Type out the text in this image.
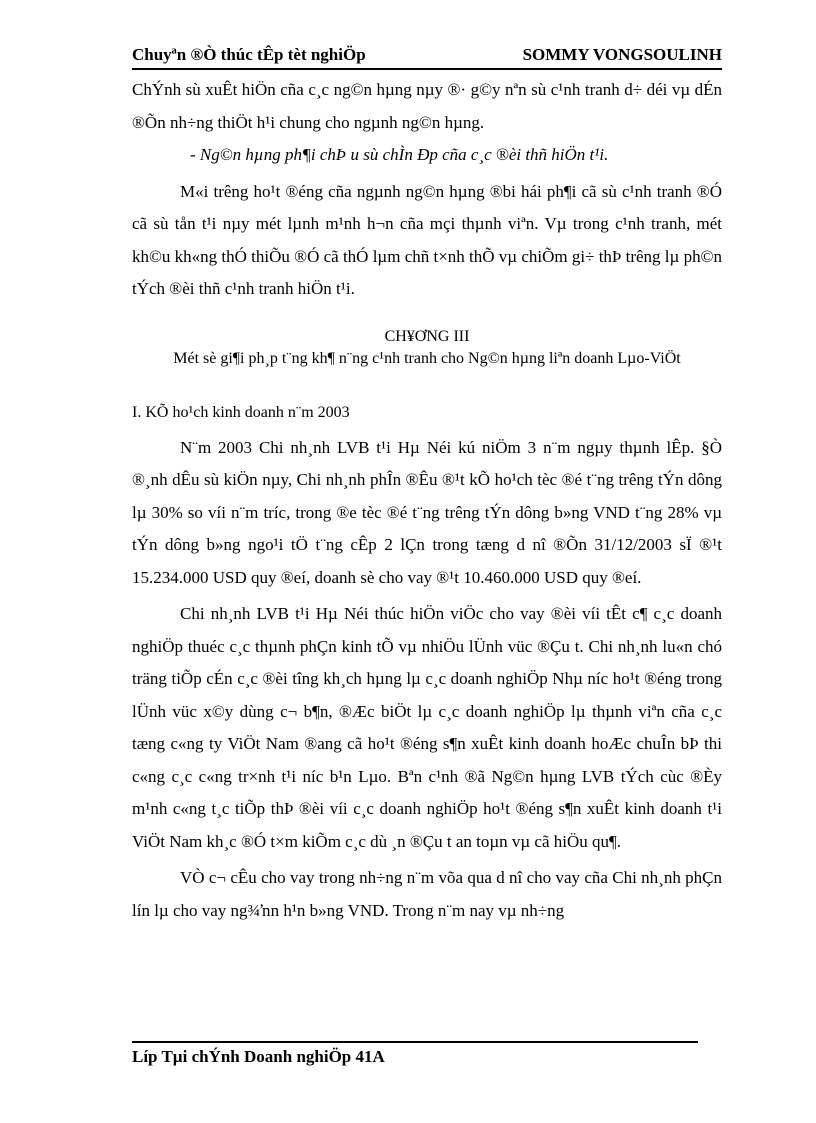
Chuyªn ®Ò thúc tÊp tèt nghiÖp	SOMMY VONGSOULINH

ChÝnh sù xuÊt hiÖn cña c¸c ng©n hµng nµy ®· g©y nªn sù c¹nh tranh d÷ déi vµ dÉn ®Õn nh÷ng thiÖt h¹i chung cho ngµnh ng©n hµng.

- Ng©n hµng ph¶i chÞ u sù chÌn Ðp cña c¸c ®èi thñ hiÖn t¹i.

M«i trêng ho¹t ®éng cña ngµnh ng©n hµng ®bi hái ph¶i cã sù c¹nh tranh ®Ó cã sù tån t¹i nµy mét lµnh m¹nh h¬n cña mçi thµnh viªn. Vµ trong c¹nh tranh, mét kh©u kh«ng thÓ thiÕu ®Ó cã thÓ lµm chñ t×nh thÕ vµ chiÕm gi÷ thÞ trêng lµ ph©n tÝch ®èi thñ c¹nh tranh hiÖn t¹i.

CH¥ƠNG III

Mét sè gi¶i ph¸p t¨ng kh¶ n¨ng c¹nh tranh cho Ng©n hµng liªn doanh Lµo-ViÖt

I. KÕ ho¹ch kinh doanh n¨m 2003

N¨m 2003 Chi nh¸nh LVB t¹i Hµ Néi kú niÖm 3 n¨m ngµy thµnh lÊp. §Ò ®¸nh dÊu sù kiÖn nµy, Chi nh¸nh phÎn ®Êu ®¹t kÕ ho¹ch tèc ®é t¨ng trêng tÝn dông lµ 30% so víi n¨m tríc, trong ®e tèc ®é t¨ng trêng tÝn dông b»ng VND t¨ng 28% vµ tÝn dông b»ng ngo¹i tÖ t¨ng cÊp 2 lÇn trong tæng d nî ®Õn 31/12/2003 sÏ ®¹t 15.234.000 USD quy ®eí, doanh sè cho vay ®¹t 10.460.000 USD quy ®eí.

Chi nh¸nh LVB t¹i Hµ Néi thúc hiÖn viÖc cho vay ®èi víi tÊt c¶ c¸c doanh nghiÖp thuéc c¸c thµnh phÇn kinh tÕ vµ nhiÖu lÜnh vüc ®Çu t. Chi nh¸nh lu«n chó träng tiÕp cÉn c¸c ®èi tîng kh¸ch hµng lµ c¸c doanh nghiÖp Nhµ níc ho¹t ®éng trong lÜnh vüc x©y dùng c¬ b¶n, ®Æc biÖt lµ c¸c doanh nghiÖp lµ thµnh viªn cña c¸c tæng c«ng ty ViÖt Nam ®ang cã ho¹t ®éng s¶n xuÊt kinh doanh hoÆc chuÎn bÞ thi c«ng c¸c c«ng tr×nh t¹i níc b¹n Lµo. Bªn c¹nh ®ã Ng©n hµng LVB tÝch cùc ®Èy m¹nh c«ng t¸c tiÕp thÞ ®èi víi c¸c doanh nghiÖp ho¹t ®éng s¶n xuÊt kinh doanh t¹i ViÖt Nam kh¸c ®Ó t×m kiÕm c¸c dù ¸n ®Çu t an toµn vµ cã hiÖu qu¶.

VÒ c¬ cÊu cho vay trong nh÷ng n¨m võa qua d nî cho vay cña Chi nh¸nh phÇn lín lµ cho vay ng¾ŉn h¹n b»ng VND. Trong n¨m nay vµ nh÷ng

Líp Tµi chÝnh Doanh nghiÖp 41A
